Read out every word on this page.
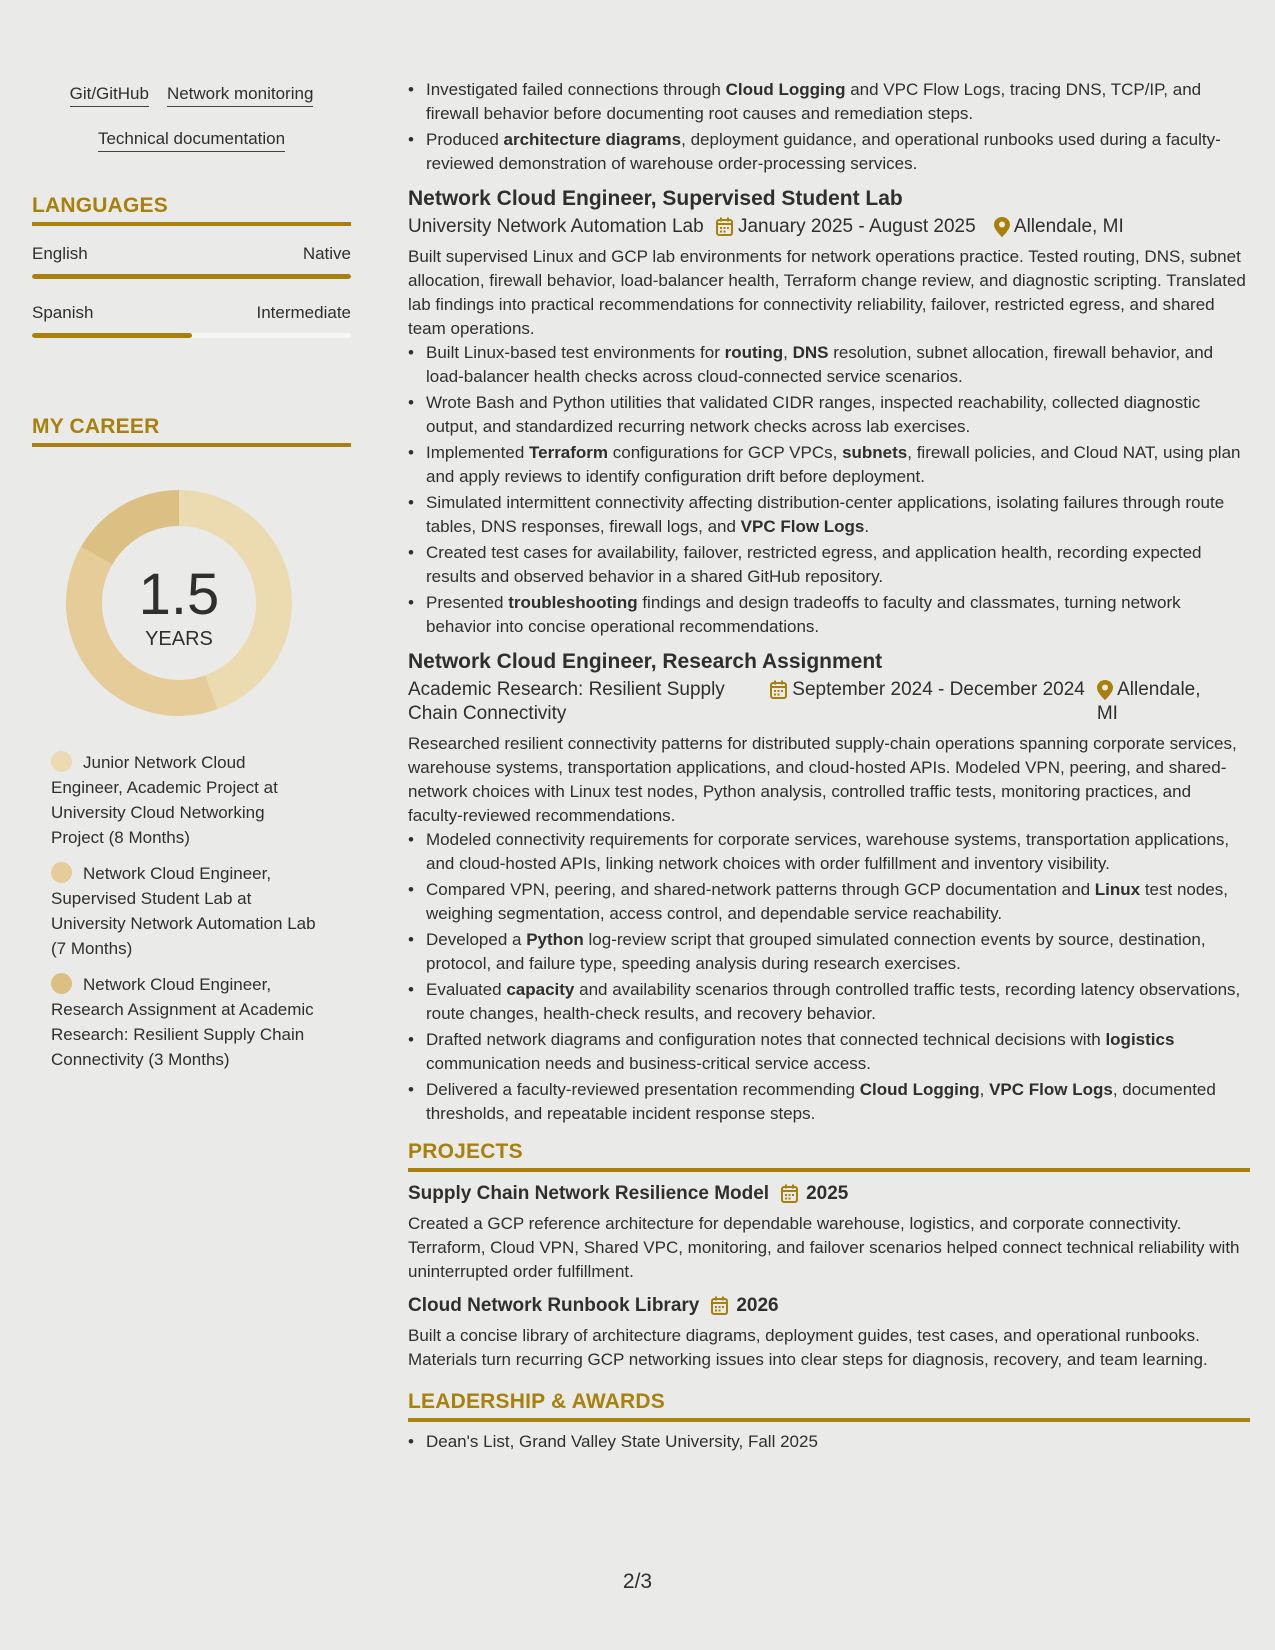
Git/GitHub Network monitoring
Technical documentation
LANGUAGES
English	Native
Spanish	Intermediate
MY CAREER
1.5
YEARS
Junior Network Cloud Engineer, Academic Project at University Cloud Networking Project (8 Months)
Network Cloud Engineer, Supervised Student Lab at University Network Automation Lab (7 Months)
Network Cloud Engineer, Research Assignment at Academic Research: Resilient Supply Chain Connectivity (3 Months)
• Investigated failed connections through Cloud Logging and VPC Flow Logs, tracing DNS, TCP/IP, and firewall behavior before documenting root causes and remediation steps.
• Produced architecture diagrams, deployment guidance, and operational runbooks used during a faculty-reviewed demonstration of warehouse order-processing services.
Network Cloud Engineer, Supervised Student Lab
University Network Automation Lab	January 2025 - August 2025	Allendale, MI
Built supervised Linux and GCP lab environments for network operations practice. Tested routing, DNS, subnet allocation, firewall behavior, load-balancer health, Terraform change review, and diagnostic scripting. Translated lab findings into practical recommendations for connectivity reliability, failover, restricted egress, and shared team operations.
• Built Linux-based test environments for routing, DNS resolution, subnet allocation, firewall behavior, and load-balancer health checks across cloud-connected service scenarios.
• Wrote Bash and Python utilities that validated CIDR ranges, inspected reachability, collected diagnostic output, and standardized recurring network checks across lab exercises.
• Implemented Terraform configurations for GCP VPCs, subnets, firewall policies, and Cloud NAT, using plan and apply reviews to identify configuration drift before deployment.
• Simulated intermittent connectivity affecting distribution-center applications, isolating failures through route tables, DNS responses, firewall logs, and VPC Flow Logs.
• Created test cases for availability, failover, restricted egress, and application health, recording expected results and observed behavior in a shared GitHub repository.
• Presented troubleshooting findings and design tradeoffs to faculty and classmates, turning network behavior into concise operational recommendations.
Network Cloud Engineer, Research Assignment
Academic Research: Resilient Supply Chain Connectivity
September 2024 - December 2024	Allendale, MI
Researched resilient connectivity patterns for distributed supply-chain operations spanning corporate services, warehouse systems, transportation applications, and cloud-hosted APIs. Modeled VPN, peering, and shared-network choices with Linux test nodes, Python analysis, controlled traffic tests, monitoring practices, and faculty-reviewed recommendations.
• Modeled connectivity requirements for corporate services, warehouse systems, transportation applications, and cloud-hosted APIs, linking network choices with order fulfillment and inventory visibility.
• Compared VPN, peering, and shared-network patterns through GCP documentation and Linux test nodes, weighing segmentation, access control, and dependable service reachability.
• Developed a Python log-review script that grouped simulated connection events by source, destination, protocol, and failure type, speeding analysis during research exercises.
• Evaluated capacity and availability scenarios through controlled traffic tests, recording latency observations, route changes, health-check results, and recovery behavior.
• Drafted network diagrams and configuration notes that connected technical decisions with logistics communication needs and business-critical service access.
• Delivered a faculty-reviewed presentation recommending Cloud Logging, VPC Flow Logs, documented thresholds, and repeatable incident response steps.
PROJECTS
Supply Chain Network Resilience Model 2025
Created a GCP reference architecture for dependable warehouse, logistics, and corporate connectivity. Terraform, Cloud VPN, Shared VPC, monitoring, and failover scenarios helped connect technical reliability with uninterrupted order fulfillment.
Cloud Network Runbook Library 2026
Built a concise library of architecture diagrams, deployment guides, test cases, and operational runbooks. Materials turn recurring GCP networking issues into clear steps for diagnosis, recovery, and team learning.
LEADERSHIP & AWARDS
• Dean's List, Grand Valley State University, Fall 2025
2/3
